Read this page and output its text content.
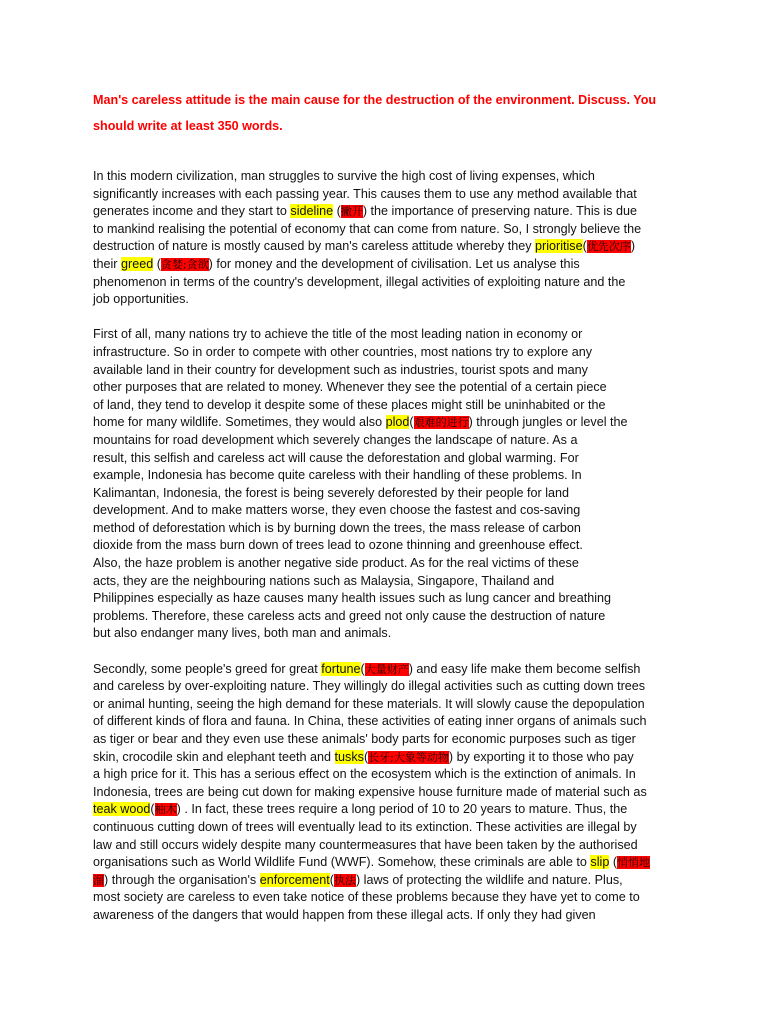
Man's careless attitude is the main cause for the destruction of the environment. Discuss. You
should write at least 350 words.
In this modern civilization, man struggles to survive the high cost of living expenses, which
significantly increases with each passing year. This causes them to use any method available that
generates income and they start to sideline (撇开) the importance of preserving nature. This is due
to mankind realising the potential of economy that can come from nature. So, I strongly believe the
destruction of nature is mostly caused by man's careless attitude whereby they prioritise(优先次序)
their greed (贪婪;贪欲) for money and the development of civilisation. Let us analyse this
phenomenon in terms of the country's development, illegal activities of exploiting nature and the
job opportunities.
First of all, many nations try to achieve the title of the most leading nation in economy or
infrastructure. So in order to compete with other countries, most nations try to explore any
available land in their country for development such as industries, tourist spots and many
other purposes that are related to money. Whenever they see the potential of a certain piece
of land, they tend to develop it despite some of these places might still be uninhabited or the
home for many wildlife. Sometimes, they would also plod(艰难的进行) through jungles or level the
mountains for road development which severely changes the landscape of nature. As a
result, this selfish and careless act will cause the deforestation and global warming. For
example, Indonesia has become quite careless with their handling of these problems. In
Kalimantan, Indonesia, the forest is being severely deforested by their people for land
development. And to make matters worse, they even choose the fastest and cos-saving
method of deforestation which is by burning down the trees, the mass release of carbon
dioxide from the mass burn down of trees lead to ozone thinning and greenhouse effect.
Also, the haze problem is another negative side product. As for the real victims of these
acts, they are the neighbouring nations such as Malaysia, Singapore, Thailand and
Philippines especially as haze causes many health issues such as lung cancer and breathing
problems. Therefore, these careless acts and greed not only cause the destruction of nature
but also endanger many lives, both man and animals.
Secondly, some people's greed for great fortune(大量财产) and easy life make them become selfish
and careless by over-exploiting nature. They willingly do illegal activities such as cutting down trees
or animal hunting, seeing the high demand for these materials. It will slowly cause the depopulation
of different kinds of flora and fauna. In China, these activities of eating inner organs of animals such
as tiger or bear and they even use these animals' body parts for economic purposes such as tiger
skin, crocodile skin and elephant teeth and tusks(长牙;大象等动物) by exporting it to those who pay
a high price for it. This has a serious effect on the ecosystem which is the extinction of animals. In
Indonesia, trees are being cut down for making expensive house furniture made of material such as
teak wood(柚木) . In fact, these trees require a long period of 10 to 20 years to mature. Thus, the
continuous cutting down of trees will eventually lead to its extinction. These activities are illegal by
law and still occurs widely despite many countermeasures that have been taken by the authorised
organisations such as World Wildlife Fund (WWF). Somehow, these criminals are able to slip (悄悄地
溜) through the organisation's enforcement(执法) laws of protecting the wildlife and nature. Plus,
most society are careless to even take notice of these problems because they have yet to come to
awareness of the dangers that would happen from these illegal acts. If only they had given
